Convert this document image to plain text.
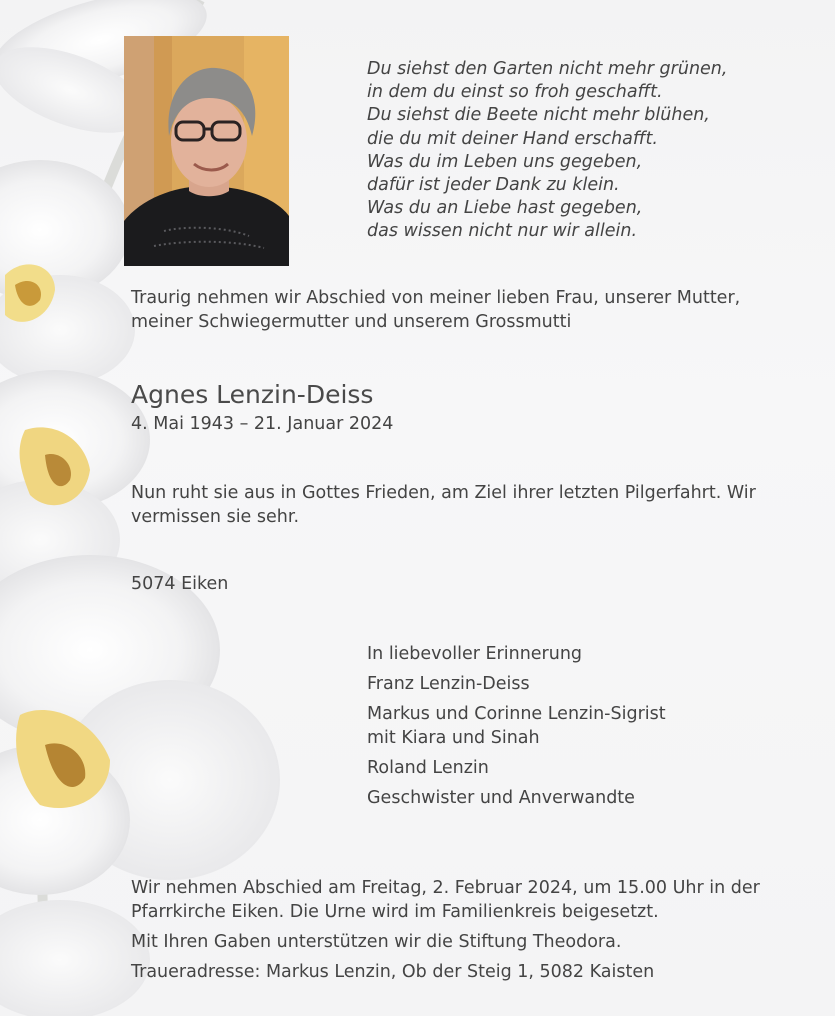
Du siehst den Garten nicht mehr grünen,
in dem du einst so froh geschafft.
Du siehst die Beete nicht mehr blühen,
die du mit deiner Hand erschafft.
Was du im Leben uns gegeben,
dafür ist jeder Dank zu klein.
Was du an Liebe hast gegeben,
das wissen nicht nur wir allein.
Traurig nehmen wir Abschied von meiner lieben Frau, unserer Mutter,
meiner Schwiegermutter und unserem Grossmutti
Agnes Lenzin-Deiss
4. Mai 1943 – 21. Januar 2024
Nun ruht sie aus in Gottes Frieden, am Ziel ihrer letzten Pilgerfahrt. Wir
vermissen sie sehr.
5074 Eiken
In liebevoller Erinnerung
Franz Lenzin-Deiss
Markus und Corinne Lenzin-Sigrist
mit Kiara und Sinah
Roland Lenzin
Geschwister und Anverwandte
Wir nehmen Abschied am Freitag, 2. Februar 2024, um 15.00 Uhr in der
Pfarrkirche Eiken. Die Urne wird im Familienkreis beigesetzt.
Mit Ihren Gaben unterstützen wir die Stiftung Theodora.
Traueradresse: Markus Lenzin, Ob der Steig 1, 5082 Kaisten
